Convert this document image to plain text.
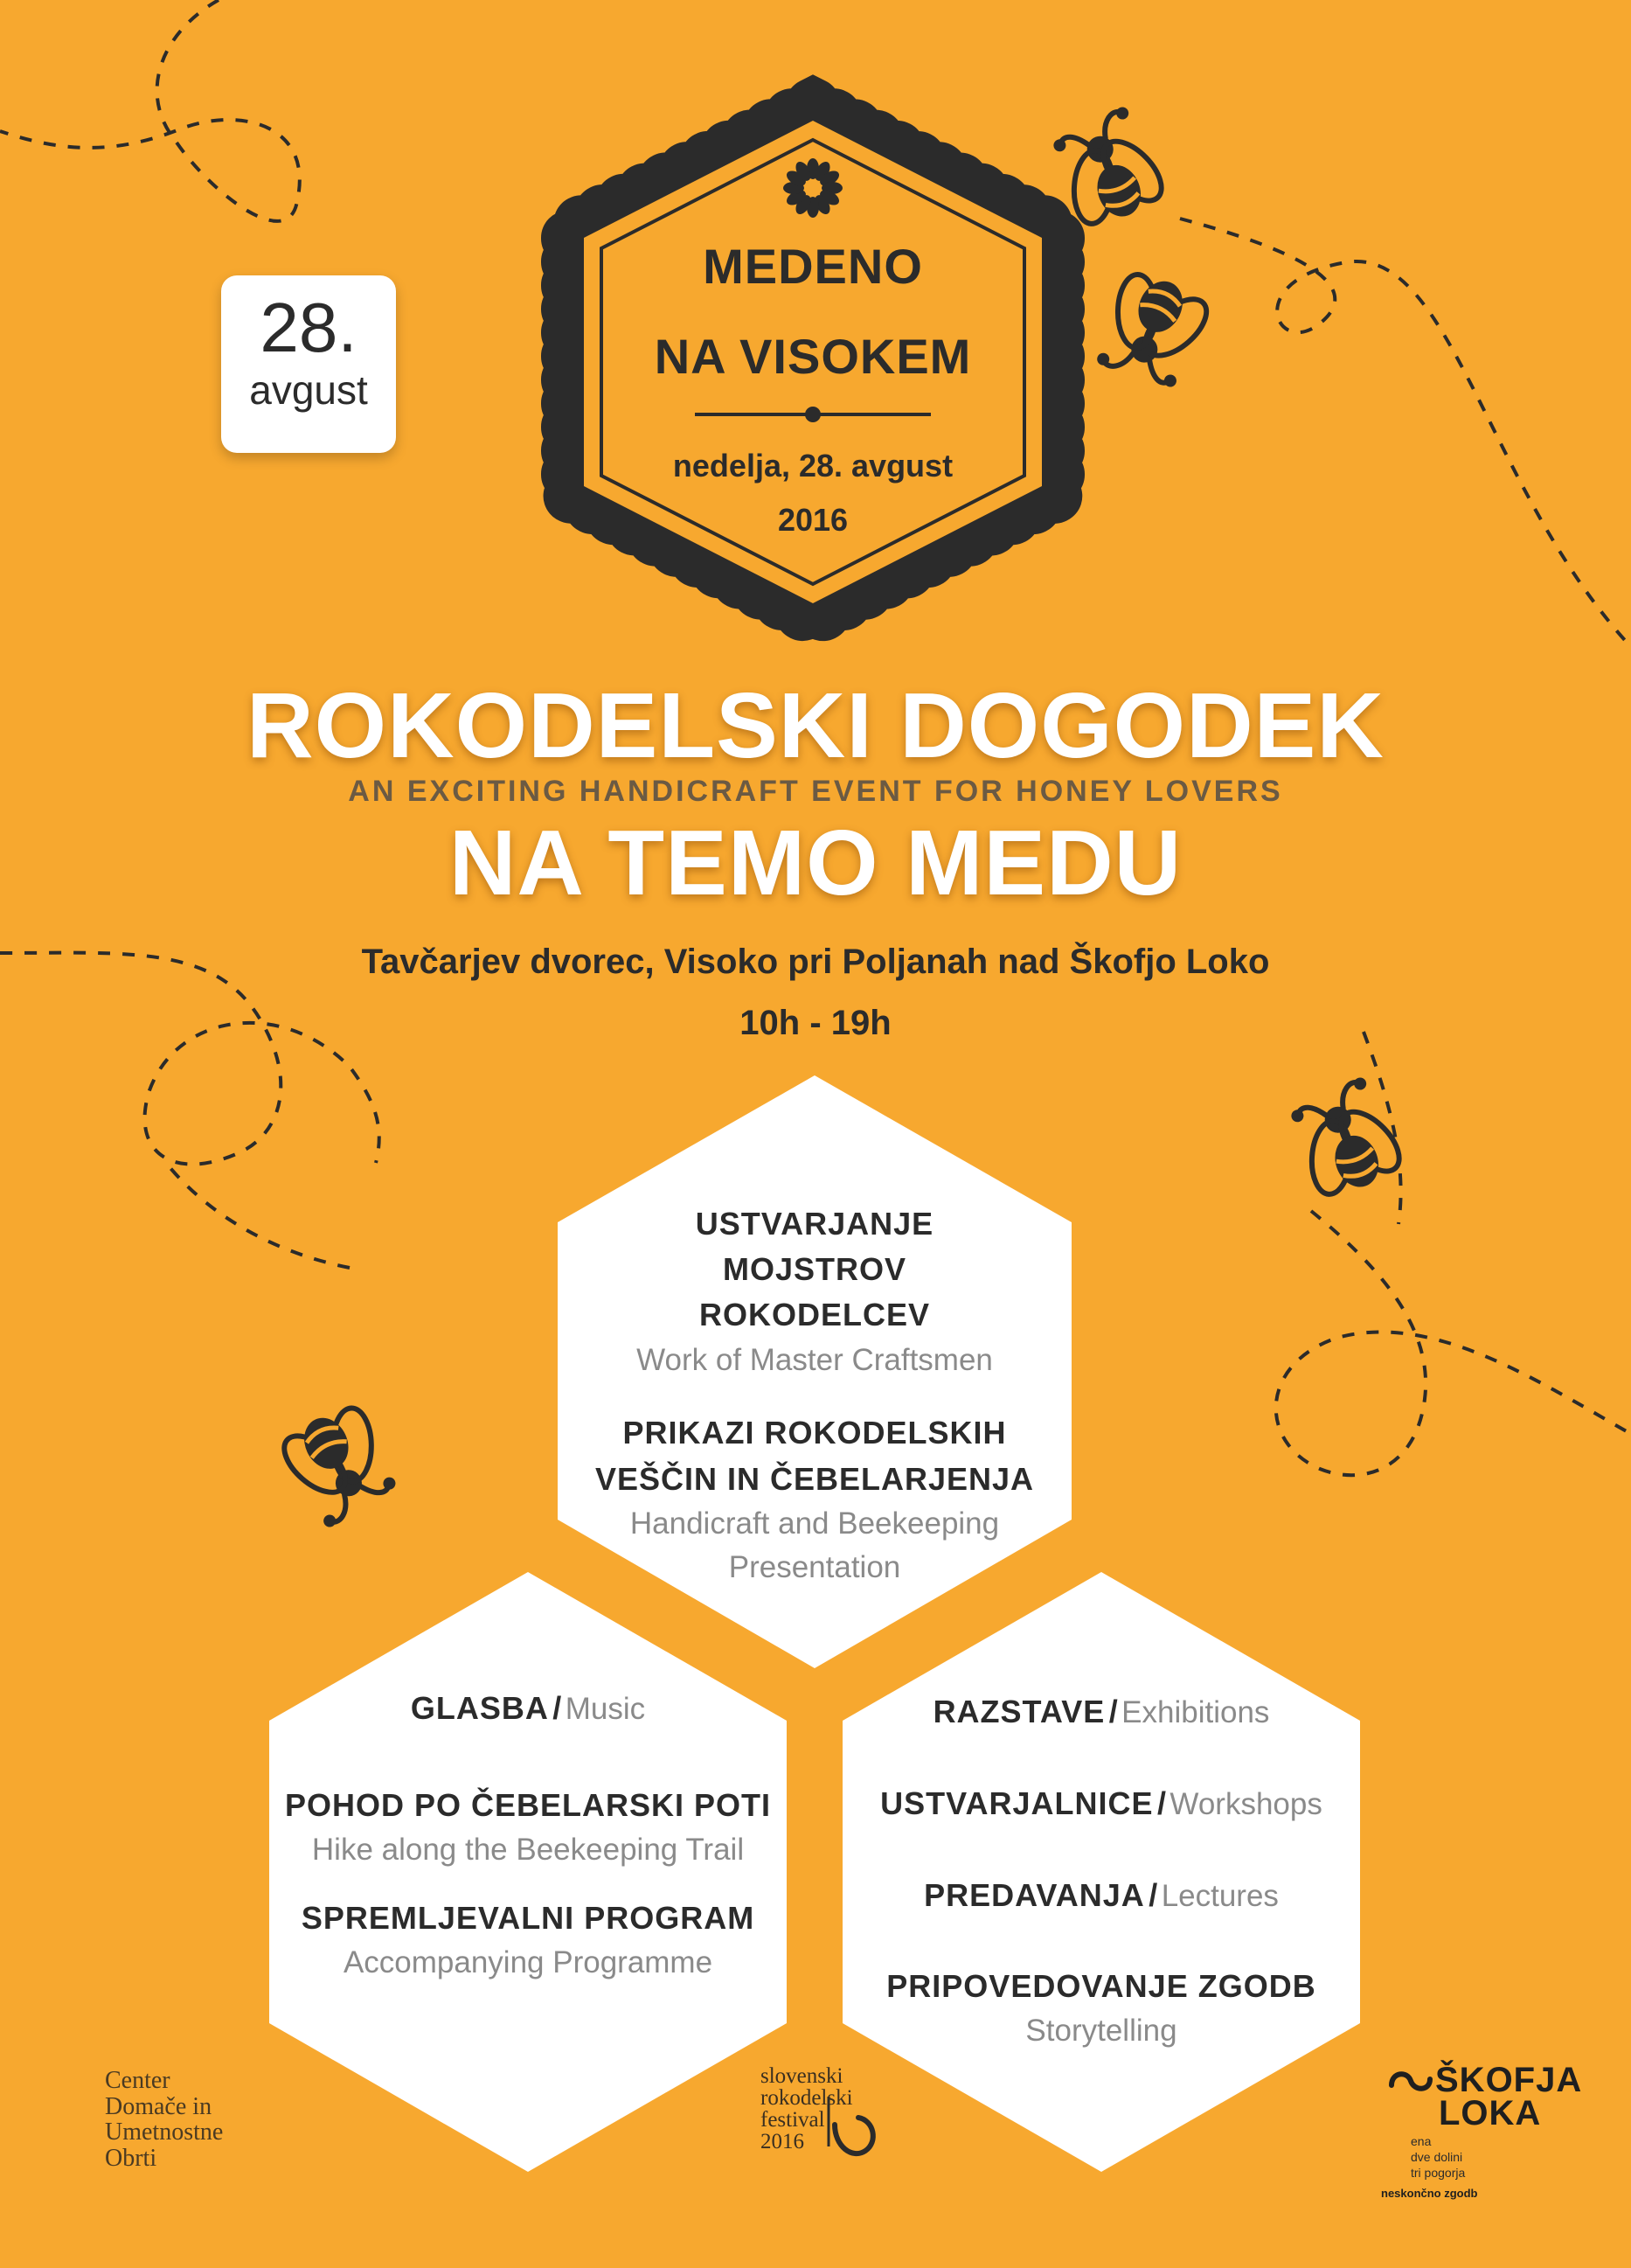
28.
avgust
MEDENO
NA VISOKEM
nedelja, 28. avgust
2016
ROKODELSKI DOGODEK
AN EXCITING HANDICRAFT EVENT FOR HONEY LOVERS
NA TEMO MEDU
Tavčarjev dvorec, Visoko pri Poljanah nad Škofjo Loko
10h - 19h
USTVARJANJE MOJSTROV ROKODELCEV
Work of Master Craftsmen
PRIKAZI ROKODELSKIH VEŠČIN IN ČEBELARJENJA
Handicraft and Beekeeping Presentation
GLASBA / Music
POHOD PO ČEBELARSKI POTI
Hike along the Beekeeping Trail
SPREMLJEVALNI PROGRAM
Accompanying Programme
RAZSTAVE / Exhibitions
USTVARJALNICE / Workshops
PREDAVANJA / Lectures
PRIPOVEDOVANJE ZGODB
Storytelling
Center
Domače in
Umetnostne
Obrti
slovenski
rokodelski
festival
2016
ŠKOFJA
LOKA
ena
dve dolini
tri pogorja
neskončno zgodb
